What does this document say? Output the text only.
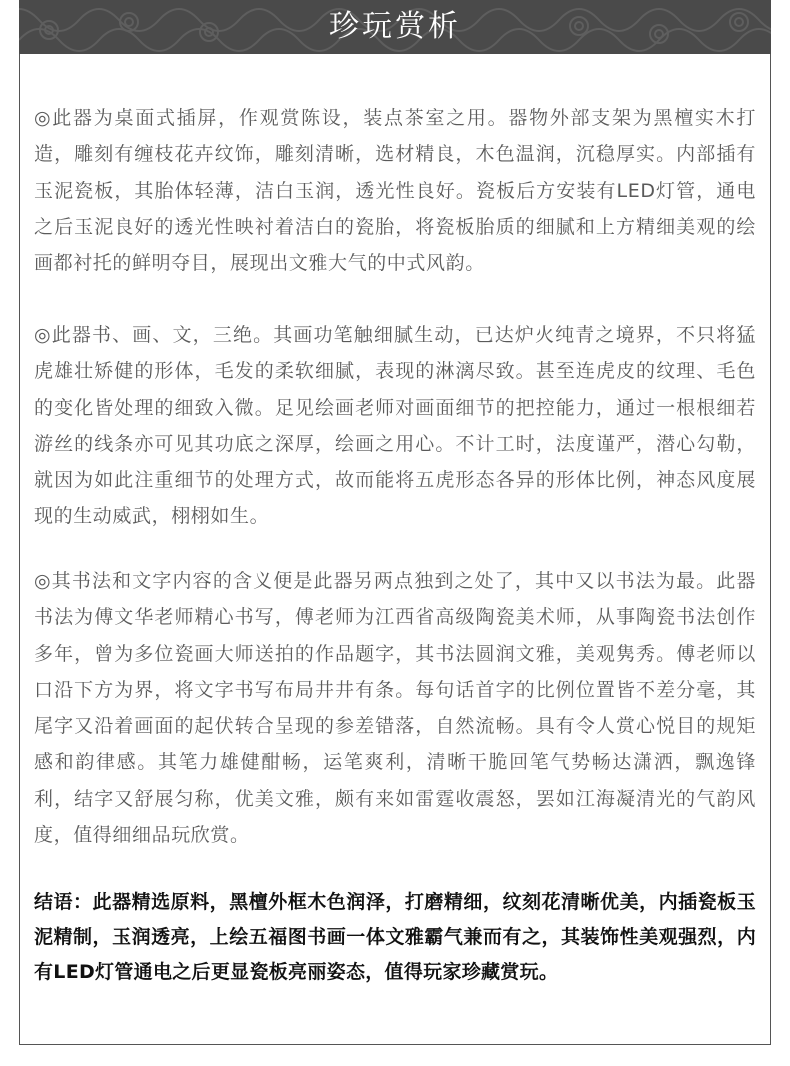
珍玩赏析

◎此器为桌面式插屏，作观赏陈设，装点茶室之用。器物外部支架为黑檀实木打造，雕刻有缠枝花卉纹饰，雕刻清晰，选材精良，木色温润，沉稳厚实。内部插有玉泥瓷板，其胎体轻薄，洁白玉润，透光性良好。瓷板后方安装有LED灯管，通电之后玉泥良好的透光性映衬着洁白的瓷胎，将瓷板胎质的细腻和上方精细美观的绘画都衬托的鲜明夺目，展现出文雅大气的中式风韵。

◎此器书、画、文，三绝。其画功笔触细腻生动，已达炉火纯青之境界，不只将猛虎雄壮矫健的形体，毛发的柔软细腻，表现的淋漓尽致。甚至连虎皮的纹理、毛色的变化皆处理的细致入微。足见绘画老师对画面细节的把控能力，通过一根根细若游丝的线条亦可见其功底之深厚，绘画之用心。不计工时，法度谨严，潜心勾勒，就因为如此注重细节的处理方式，故而能将五虎形态各异的形体比例，神态风度展现的生动威武，栩栩如生。

◎其书法和文字内容的含义便是此器另两点独到之处了，其中又以书法为最。此器书法为傅文华老师精心书写，傅老师为江西省高级陶瓷美术师，从事陶瓷书法创作多年，曾为多位瓷画大师送拍的作品题字，其书法圆润文雅，美观隽秀。傅老师以口沿下方为界，将文字书写布局井井有条。每句话首字的比例位置皆不差分毫，其尾字又沿着画面的起伏转合呈现的参差错落，自然流畅。具有令人赏心悦目的规矩感和韵律感。其笔力雄健酣畅，运笔爽利，清晰干脆回笔气势畅达潇洒，飘逸锋利，结字又舒展匀称，优美文雅，颇有来如雷霆收震怒，罢如江海凝清光的气韵风度，值得细细品玩欣赏。

结语：此器精选原料，黑檀外框木色润泽，打磨精细，纹刻花清晰优美，内插瓷板玉泥精制，玉润透亮，上绘五福图书画一体文雅霸气兼而有之，其装饰性美观强烈，内有LED灯管通电之后更显瓷板亮丽姿态，值得玩家珍藏赏玩。
